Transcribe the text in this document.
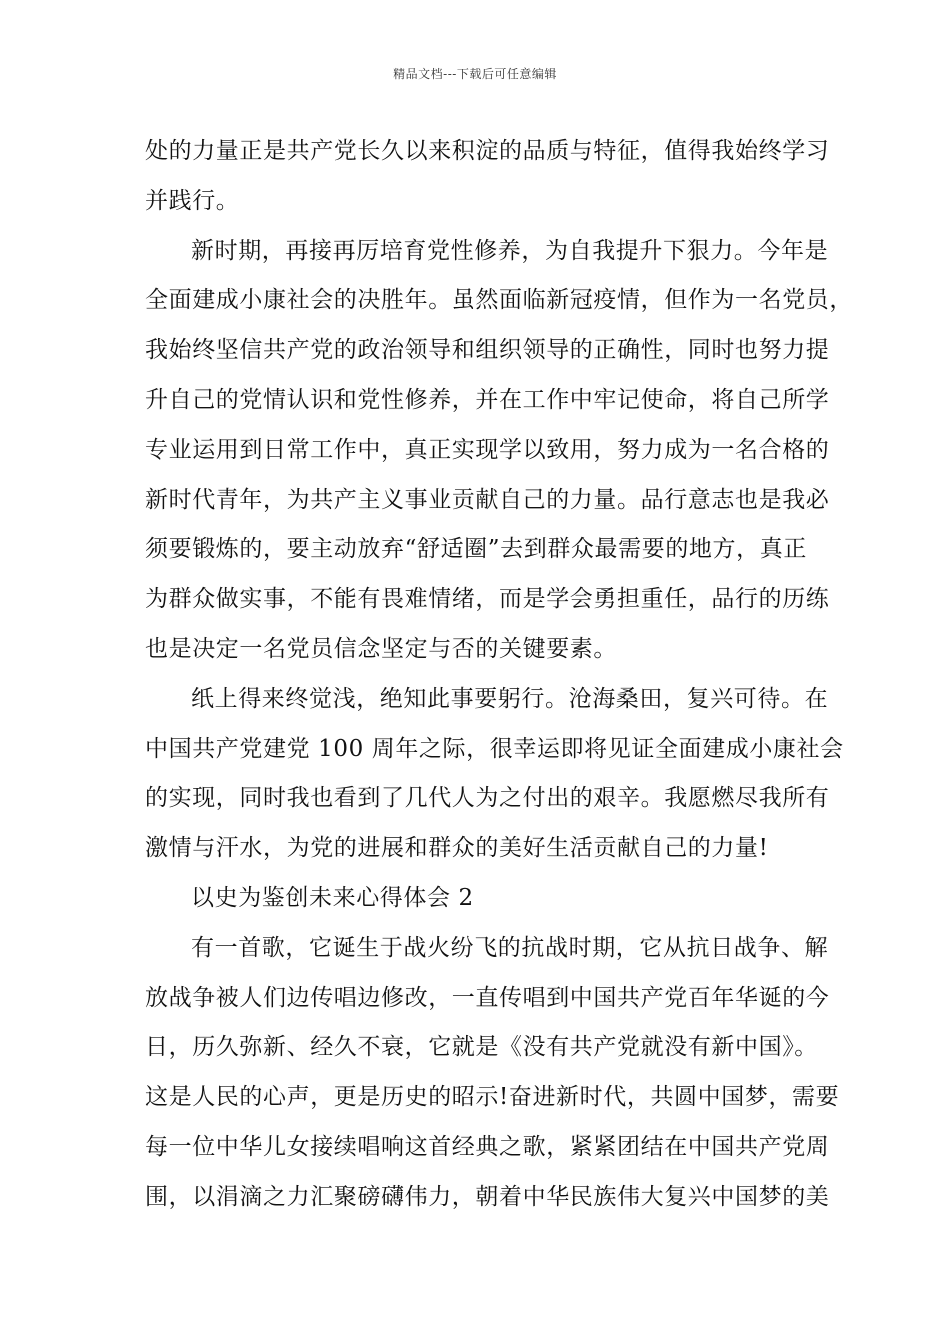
精品文档---下载后可任意编辑
处的力量正是共产党长久以来积淀的品质与特征，值得我始终学习
并践行。
新时期，再接再厉培育党性修养，为自我提升下狠力。今年是
全面建成小康社会的决胜年。虽然面临新冠疫情，但作为一名党员，
我始终坚信共产党的政治领导和组织领导的正确性，同时也努力提
升自己的党情认识和党性修养，并在工作中牢记使命，将自己所学
专业运用到日常工作中，真正实现学以致用，努力成为一名合格的
新时代青年，为共产主义事业贡献自己的力量。品行意志也是我必
须要锻炼的，要主动放弃“舒适圈”去到群众最需要的地方，真正
为群众做实事，不能有畏难情绪，而是学会勇担重任，品行的历练
也是决定一名党员信念坚定与否的关键要素。
纸上得来终觉浅，绝知此事要躬行。沧海桑田，复兴可待。在
中国共产党建党 100 周年之际，很幸运即将见证全面建成小康社会
的实现，同时我也看到了几代人为之付出的艰辛。我愿燃尽我所有
激情与汗水，为党的进展和群众的美好生活贡献自己的力量!
以史为鉴创未来心得体会 2
有一首歌，它诞生于战火纷飞的抗战时期，它从抗日战争、解
放战争被人们边传唱边修改，一直传唱到中国共产党百年华诞的今
日，历久弥新、经久不衰，它就是《没有共产党就没有新中国》。
这是人民的心声，更是历史的昭示!奋进新时代，共圆中国梦，需要
每一位中华儿女接续唱响这首经典之歌，紧紧团结在中国共产党周
围，以涓滴之力汇聚磅礴伟力，朝着中华民族伟大复兴中国梦的美
